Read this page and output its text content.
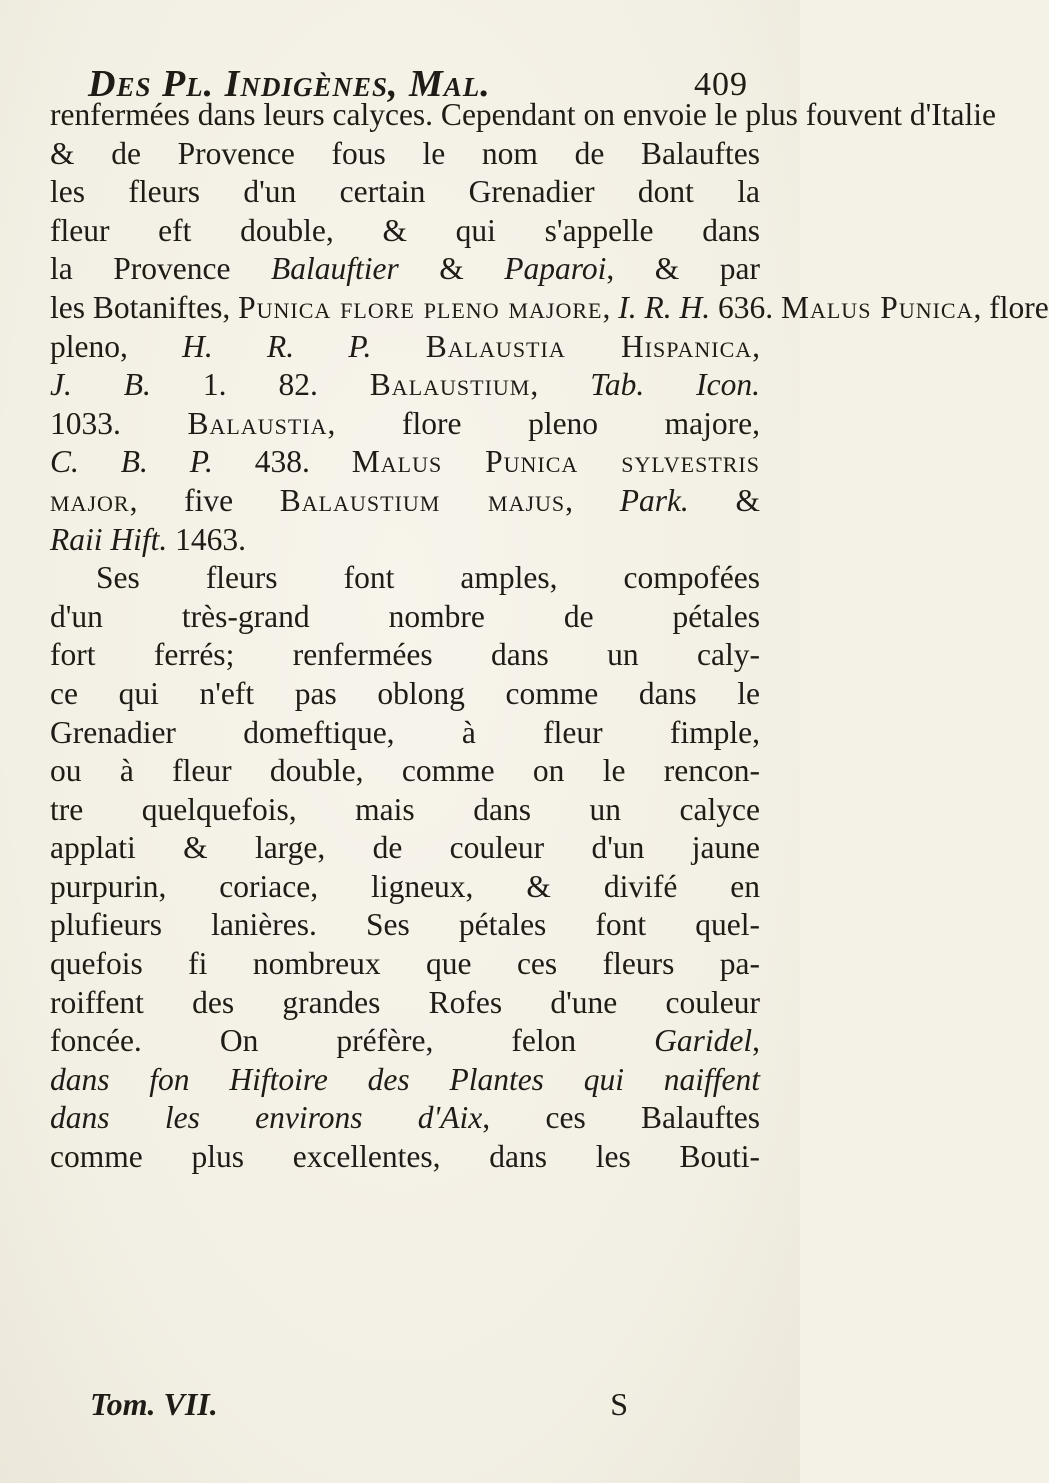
Des Pl. Indigènes, Mal.	409
renfermées dans leurs calyces. Cependant on envoie le plus fouvent d'Italie
& de Provence fous le nom de Balauftes
les fleurs d'un certain Grenadier dont la
fleur eft double, & qui s'appelle dans
la Provence Balauftier & Paparoi, & par
les Botaniftes, Punica flore pleno majore, I. R. H. 636. Malus Punica, flore
pleno, H. R. P. Balaustia Hispanica,
J. B. 1. 82. Balaustium, Tab. Icon.
1033. Balaustia, flore pleno majore,
C. B. P. 438. Malus Punica sylvestris
major, five Balaustium majus, Park. &
Raii Hift. 1463.
Ses fleurs font amples, compofées
d'un très-grand nombre de pétales
fort ferrés; renfermées dans un caly-
ce qui n'eft pas oblong comme dans le
Grenadier domeftique, à fleur fimple,
ou à fleur double, comme on le rencon-
tre quelquefois, mais dans un calyce
applati & large, de couleur d'un jaune
purpurin, coriace, ligneux, & divifé en
plufieurs lanières. Ses pétales font quel-
quefois fi nombreux que ces fleurs pa-
roiffent des grandes Rofes d'une couleur
foncée. On préfère, felon Garidel,
dans fon Hiftoire des Plantes qui naiffent
dans les environs d'Aix, ces Balauftes
comme plus excellentes, dans les Bouti-
Tom. VII.	S
